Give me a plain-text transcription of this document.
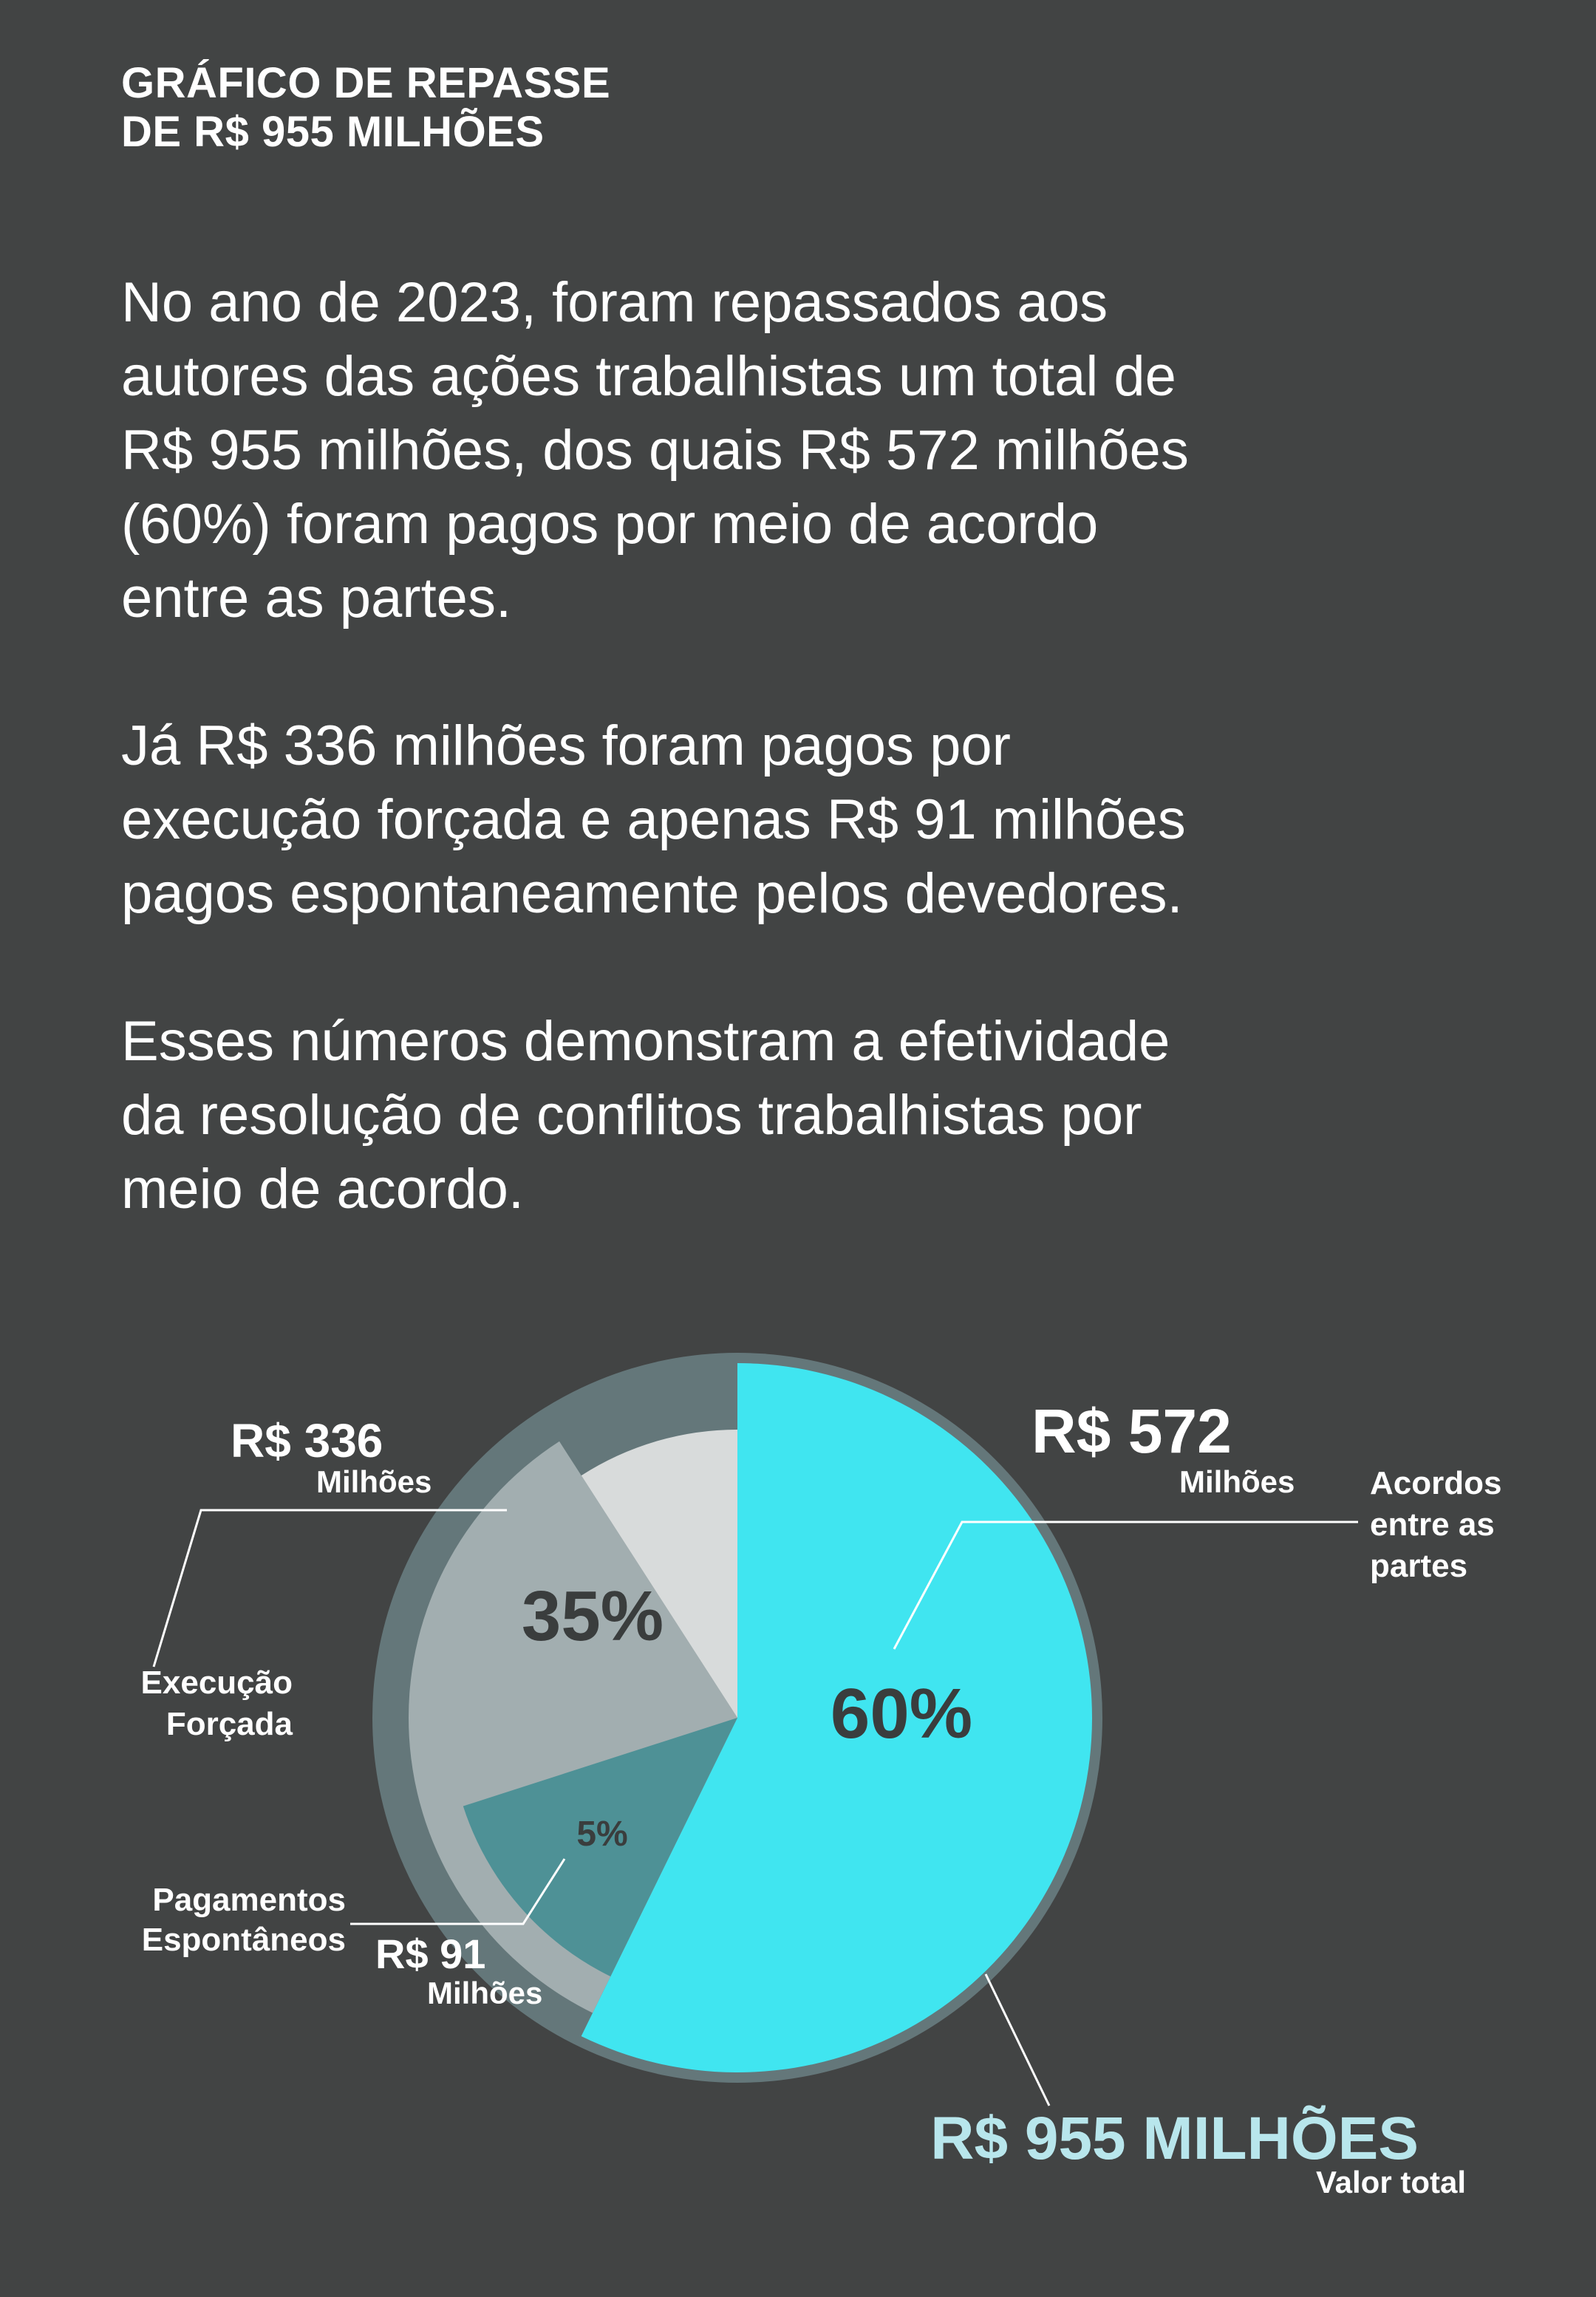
GRÁFICO DE REPASSE
DE R$ 955 MILHÕES
No ano de 2023, foram repassados aos
autores das ações trabalhistas um total de
R$ 955 milhões, dos quais R$ 572 milhões
(60%) foram pagos por meio de acordo
entre as partes.
Já R$ 336 milhões foram pagos por
execução forçada e apenas R$ 91 milhões
pagos espontaneamente pelos devedores.
Esses números demonstram a efetividade
da resolução de conflitos trabalhistas por
meio de acordo.
60%
35%
5%
R$ 572
Milhões
R$ 336
Milhões
R$ 91
Milhões
Acordos
entre as
partes
Execução
Forçada
Pagamentos
Espontâneos
R$ 955 MILHÕES
Valor total
